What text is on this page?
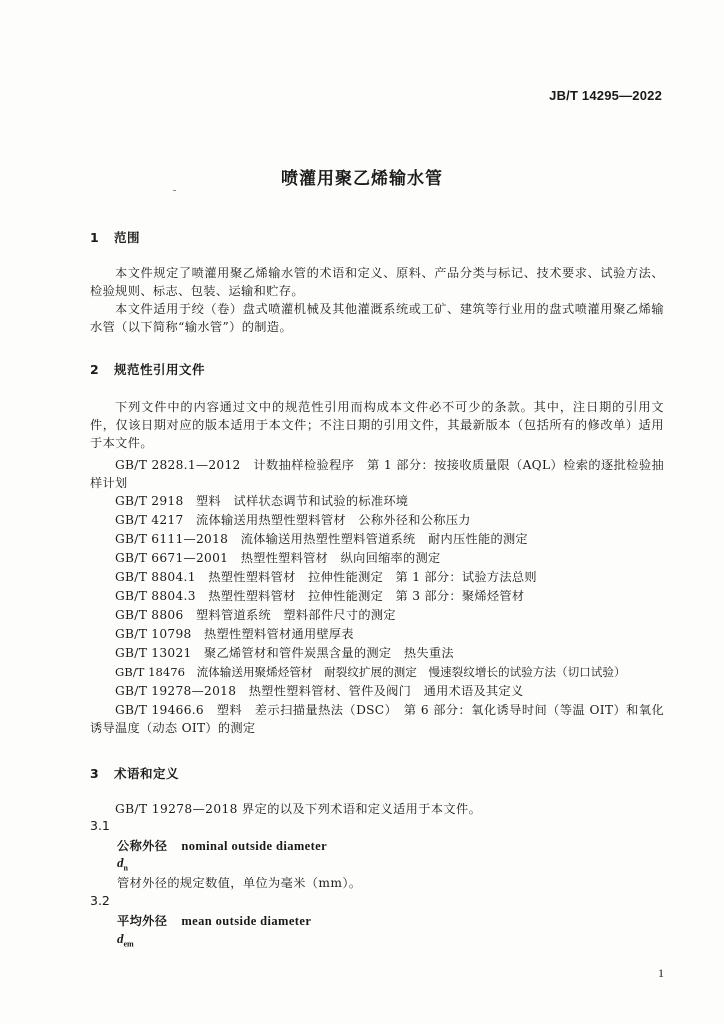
JB/T 14295—2022
喷灌用聚乙烯输水管
1 范围
本文件规定了喷灌用聚乙烯输水管的术语和定义、原料、产品分类与标记、技术要求、试验方法、检验规则、标志、包装、运输和贮存。
本文件适用于绞（卷）盘式喷灌机械及其他灌溉系统或工矿、建筑等行业用的盘式喷灌用聚乙烯输水管（以下简称“输水管”）的制造。
2 规范性引用文件
下列文件中的内容通过文中的规范性引用而构成本文件必不可少的条款。其中，注日期的引用文件，仅该日期对应的版本适用于本文件；不注日期的引用文件，其最新版本（包括所有的修改单）适用于本文件。
GB/T 2828.1—2012　计数抽样检验程序　第 1 部分：按接收质量限（AQL）检索的逐批检验抽样计划
GB/T 2918　塑料　试样状态调节和试验的标准环境
GB/T 4217　流体输送用热塑性塑料管材　公称外径和公称压力
GB/T 6111—2018　流体输送用热塑性塑料管道系统　耐内压性能的测定
GB/T 6671—2001　热塑性塑料管材　纵向回缩率的测定
GB/T 8804.1　热塑性塑料管材　拉伸性能测定　第 1 部分：试验方法总则
GB/T 8804.3　热塑性塑料管材　拉伸性能测定　第 3 部分：聚烯烃管材
GB/T 8806　塑料管道系统　塑料部件尺寸的测定
GB/T 10798　热塑性塑料管材通用壁厚表
GB/T 13021　聚乙烯管材和管件炭黑含量的测定　热失重法
GB/T 18476　流体输送用聚烯烃管材　耐裂纹扩展的测定　慢速裂纹增长的试验方法（切口试验）
GB/T 19278—2018　热塑性塑料管材、管件及阀门　通用术语及其定义
GB/T 19466.6　塑料　差示扫描量热法（DSC）　第 6 部分：氧化诱导时间（等温 OIT）和氧化诱导温度（动态 OIT）的测定
3 术语和定义
GB/T 19278—2018 界定的以及下列术语和定义适用于本文件。
3.1
公称外径 nominal outside diameter
$d_n$
管材外径的规定数值，单位为毫米（mm）。
3.2
平均外径 mean outside diameter
$d_{em}$
1
